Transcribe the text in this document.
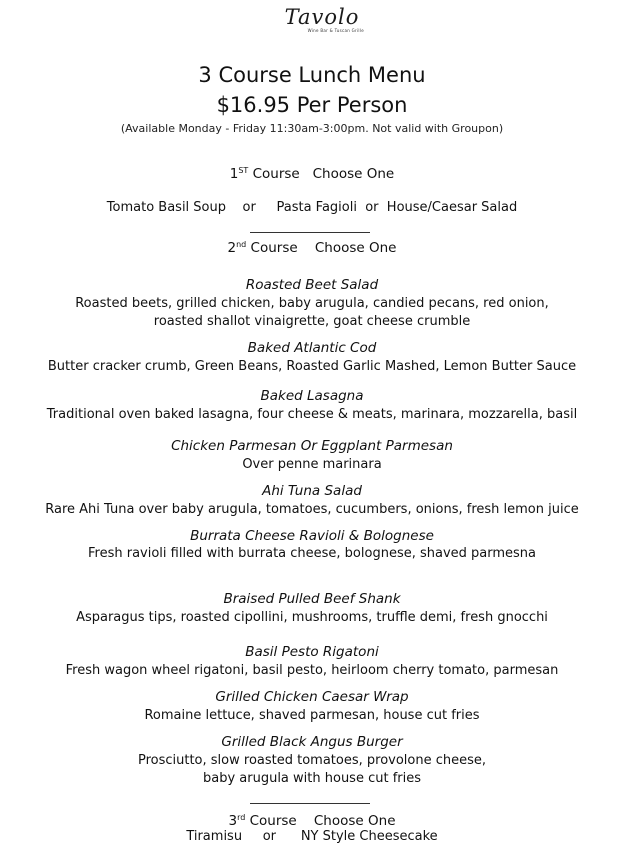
Tavolo
Wine Bar & Tuscan Grille
3 Course Lunch Menu
$16.95 Per Person
(Available Monday - Friday 11:30am-3:00pm. Not valid with Groupon)
1ST Course   Choose One
Tomato Basil Soup    or     Pasta Fagioli  or  House/Caesar Salad
2nd Course    Choose One
Roasted Beet Salad
Roasted beets, grilled chicken, baby arugula, candied pecans, red onion,
roasted shallot vinaigrette, goat cheese crumble
Baked Atlantic Cod
Butter cracker crumb, Green Beans, Roasted Garlic Mashed, Lemon Butter Sauce
Baked Lasagna
Traditional oven baked lasagna, four cheese & meats, marinara, mozzarella, basil
Chicken Parmesan Or Eggplant Parmesan
Over penne marinara
Ahi Tuna Salad
Rare Ahi Tuna over baby arugula, tomatoes, cucumbers, onions, fresh lemon juice
Burrata Cheese Ravioli & Bolognese
Fresh ravioli filled with burrata cheese, bolognese, shaved parmesna
Braised Pulled Beef Shank
Asparagus tips, roasted cipollini, mushrooms, truffle demi, fresh gnocchi
Basil Pesto Rigatoni
Fresh wagon wheel rigatoni, basil pesto, heirloom cherry tomato, parmesan
Grilled Chicken Caesar Wrap
Romaine lettuce, shaved parmesan, house cut fries
Grilled Black Angus Burger
Prosciutto, slow roasted tomatoes, provolone cheese,
baby arugula with house cut fries
3rd Course    Choose One
Tiramisu     or      NY Style Cheesecake
